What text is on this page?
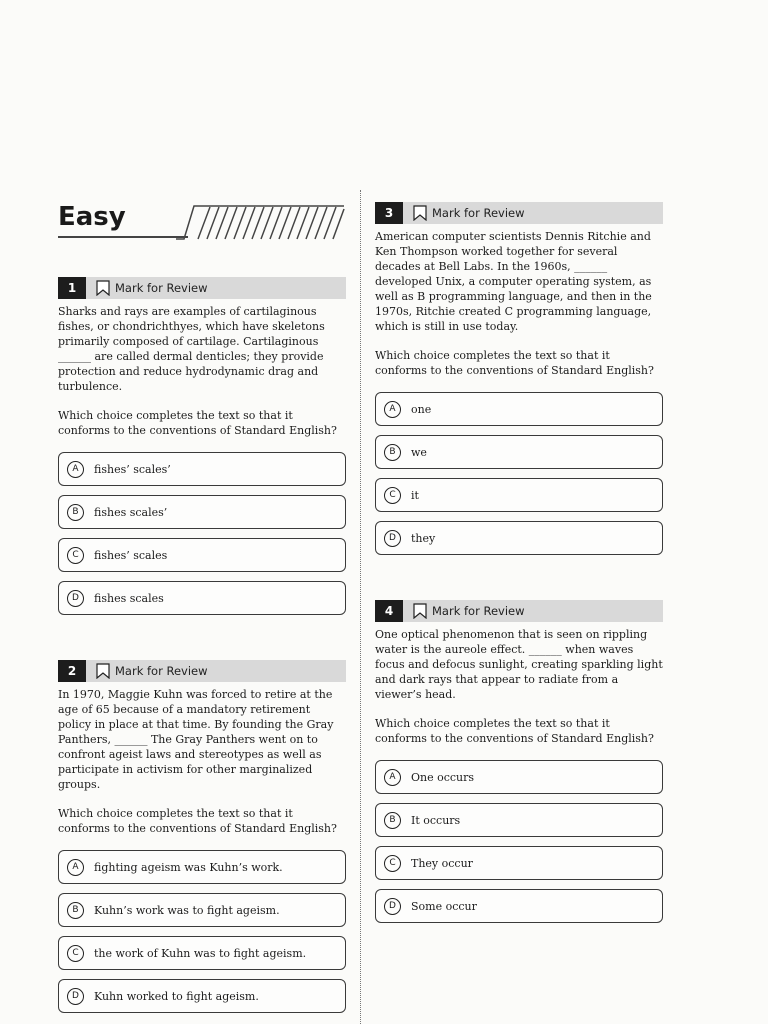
Easy
1	Mark for Review

Sharks and rays are examples of cartilaginous fishes, or chondrichthyes, which have skeletons primarily composed of cartilage. Cartilaginous ______ are called dermal denticles; they provide protection and reduce hydrodynamic drag and turbulence.

Which choice completes the text so that it conforms to the conventions of Standard English?

A	fishes’ scales’
B	fishes scales’
C	fishes’ scales
D	fishes scales
2	Mark for Review

In 1970, Maggie Kuhn was forced to retire at the age of 65 because of a mandatory retirement policy in place at that time. By founding the Gray Panthers, ______ The Gray Panthers went on to confront ageist laws and stereotypes as well as participate in activism for other marginalized groups.

Which choice completes the text so that it conforms to the conventions of Standard English?

A	fighting ageism was Kuhn’s work.
B	Kuhn’s work was to fight ageism.
C	the work of Kuhn was to fight ageism.
D	Kuhn worked to fight ageism.
3	Mark for Review

American computer scientists Dennis Ritchie and Ken Thompson worked together for several decades at Bell Labs. In the 1960s, ______ developed Unix, a computer operating system, as well as B programming language, and then in the 1970s, Ritchie created C programming language, which is still in use today.

Which choice completes the text so that it conforms to the conventions of Standard English?

A	one
B	we
C	it
D	they
4	Mark for Review

One optical phenomenon that is seen on rippling water is the aureole effect. ______ when waves focus and defocus sunlight, creating sparkling light and dark rays that appear to radiate from a viewer’s head.

Which choice completes the text so that it conforms to the conventions of Standard English?

A	One occurs
B	It occurs
C	They occur
D	Some occur
